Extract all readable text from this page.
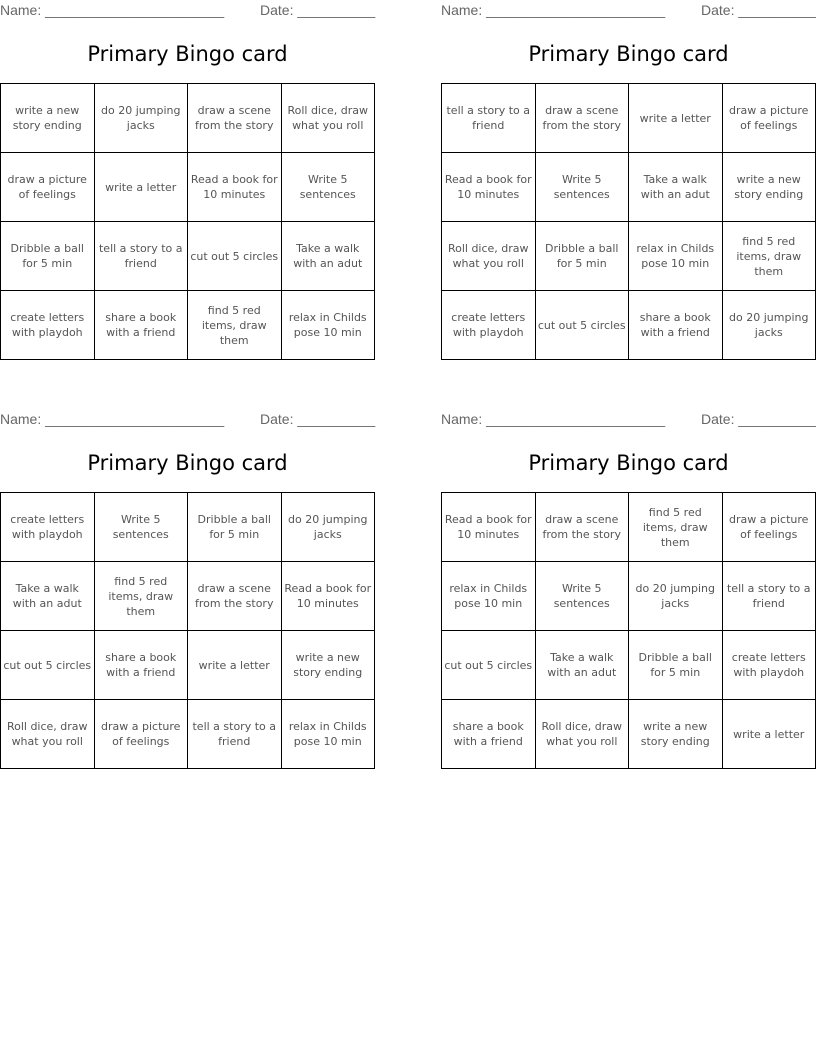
Name: _______________________	Date: __________
Primary Bingo card
write a new story ending	do 20 jumping jacks	draw a scene from the story	Roll dice, draw what you roll
draw a picture of feelings	write a letter	Read a book for 10 minutes	Write 5 sentences
Dribble a ball for 5 min	tell a story to a friend	cut out 5 circles	Take a walk with an adut
create letters with playdoh	share a book with a friend	find 5 red items, draw them	relax in Childs pose 10 min
Name: _______________________	Date: __________
Primary Bingo card
tell a story to a friend	draw a scene from the story	write a letter	draw a picture of feelings
Read a book for 10 minutes	Write 5 sentences	Take a walk with an adut	write a new story ending
Roll dice, draw what you roll	Dribble a ball for 5 min	relax in Childs pose 10 min	find 5 red items, draw them
create letters with playdoh	cut out 5 circles	share a book with a friend	do 20 jumping jacks
Name: _______________________	Date: __________
Primary Bingo card
create letters with playdoh	Write 5 sentences	Dribble a ball for 5 min	do 20 jumping jacks
Take a walk with an adut	find 5 red items, draw them	draw a scene from the story	Read a book for 10 minutes
cut out 5 circles	share a book with a friend	write a letter	write a new story ending
Roll dice, draw what you roll	draw a picture of feelings	tell a story to a friend	relax in Childs pose 10 min
Name: _______________________	Date: __________
Primary Bingo card
Read a book for 10 minutes	draw a scene from the story	find 5 red items, draw them	draw a picture of feelings
relax in Childs pose 10 min	Write 5 sentences	do 20 jumping jacks	tell a story to a friend
cut out 5 circles	Take a walk with an adut	Dribble a ball for 5 min	create letters with playdoh
share a book with a friend	Roll dice, draw what you roll	write a new story ending	write a letter
